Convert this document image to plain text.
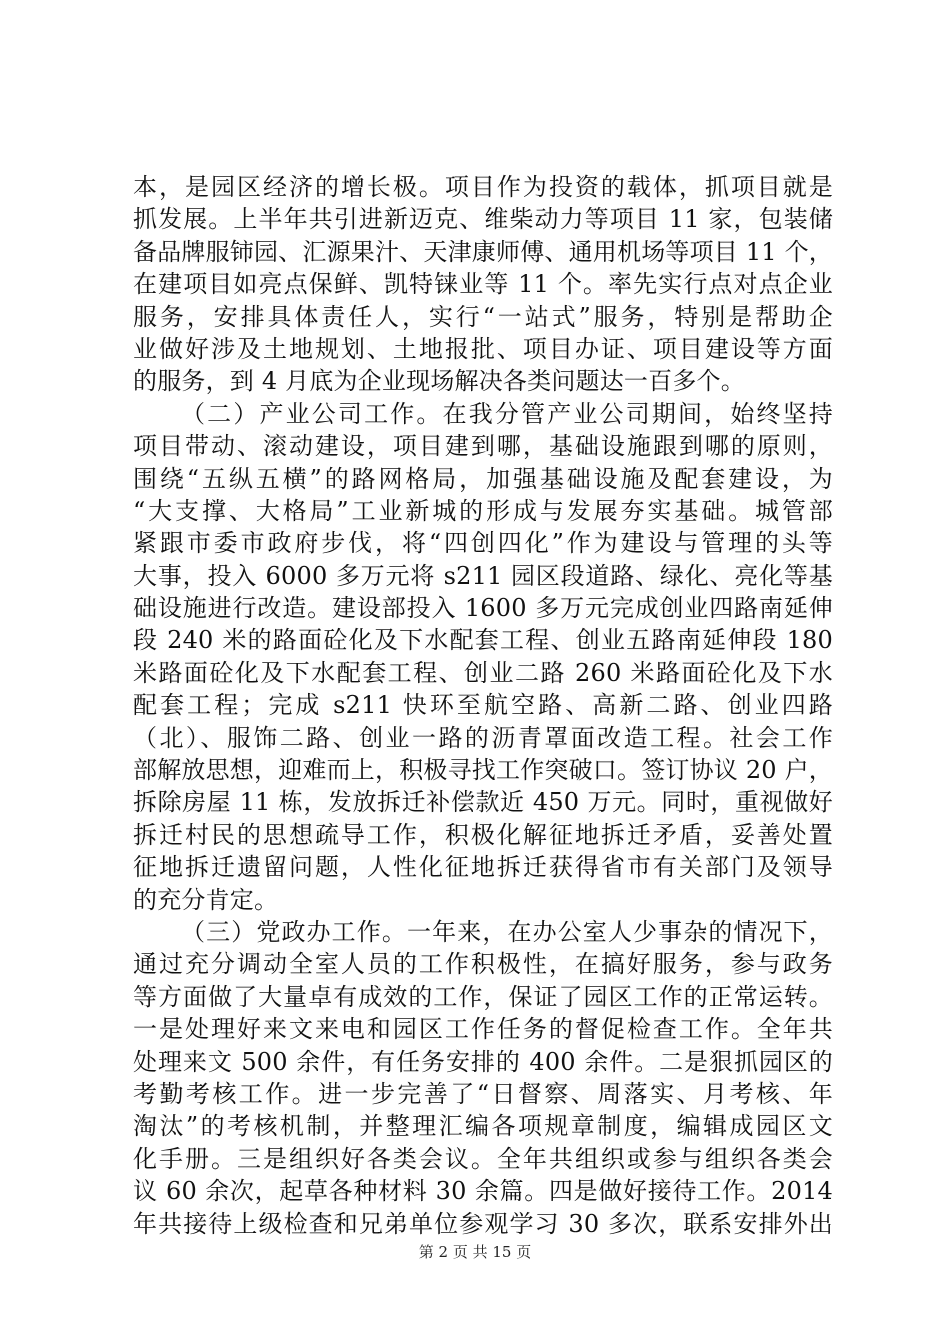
本，是园区经济的增长极。项目作为投资的载体，抓项目就是
抓发展。上半年共引进新迈克、维柴动力等项目 11 家，包装储
备品牌服铈园、汇源果汁、天津康师傅、通用机场等项目 11 个，
在建项目如亮点保鲜、凯特铼业等 11 个。率先实行点对点企业
服务，安排具体责任人，实行“一站式”服务，特别是帮助企
业做好涉及土地规划、土地报批、项目办证、项目建设等方面
的服务，到 4 月底为企业现场解决各类问题达一百多个。
（二）产业公司工作。在我分管产业公司期间，始终坚持
项目带动、滚动建设，项目建到哪，基础设施跟到哪的原则，
围绕“五纵五横”的路网格局，加强基础设施及配套建设，为
“大支撑、大格局”工业新城的形成与发展夯实基础。城管部
紧跟市委市政府步伐，将“四创四化”作为建设与管理的头等
大事，投入 6000 多万元将 s211 园区段道路、绿化、亮化等基
础设施进行改造。建设部投入 1600 多万元完成创业四路南延伸
段 240 米的路面砼化及下水配套工程、创业五路南延伸段 180
米路面砼化及下水配套工程、创业二路 260 米路面砼化及下水
配套工程；完成 s211 快环至航空路、高新二路、创业四路
（北）、服饰二路、创业一路的沥青罩面改造工程。社会工作
部解放思想，迎难而上，积极寻找工作突破口。签订协议 20 户，
拆除房屋 11 栋，发放拆迁补偿款近 450 万元。同时，重视做好
拆迁村民的思想疏导工作，积极化解征地拆迁矛盾，妥善处置
征地拆迁遗留问题，人性化征地拆迁获得省市有关部门及领导
的充分肯定。
（三）党政办工作。一年来，在办公室人少事杂的情况下，
通过充分调动全室人员的工作积极性，在搞好服务，参与政务
等方面做了大量卓有成效的工作，保证了园区工作的正常运转。
一是处理好来文来电和园区工作任务的督促检查工作。全年共
处理来文 500 余件，有任务安排的 400 余件。二是狠抓园区的
考勤考核工作。进一步完善了“日督察、周落实、月考核、年
淘汰”的考核机制，并整理汇编各项规章制度，编辑成园区文
化手册。三是组织好各类会议。全年共组织或参与组织各类会
议 60 余次，起草各种材料 30 余篇。四是做好接待工作。2014
年共接待上级检查和兄弟单位参观学习 30 多次，联系安排外出
第 2 页 共 15 页
